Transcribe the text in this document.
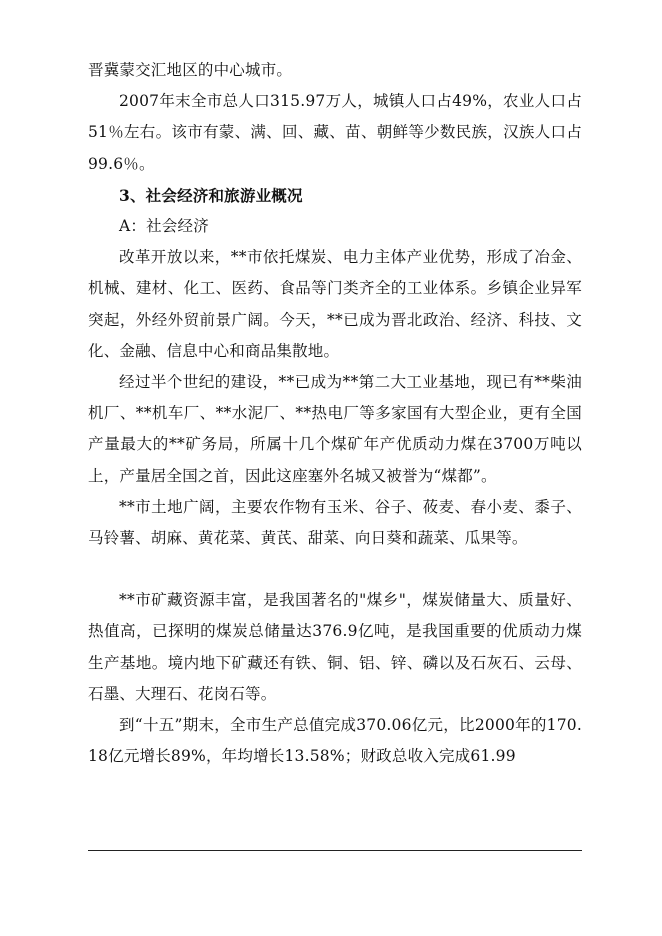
晋冀蒙交汇地区的中心城市。

2007年末全市总人口315.97万人，城镇人口占49%，农业人口占51％左右。该市有蒙、满、回、藏、苗、朝鲜等少数民族，汉族人口占99.6％。

3、社会经济和旅游业概况

A：社会经济

改革开放以来，**市依托煤炭、电力主体产业优势，形成了冶金、机械、建材、化工、医药、食品等门类齐全的工业体系。乡镇企业异军突起，外经外贸前景广阔。今天，**已成为晋北政治、经济、科技、文化、金融、信息中心和商品集散地。

经过半个世纪的建设，**已成为**第二大工业基地，现已有**柴油机厂、**机车厂、**水泥厂、**热电厂等多家国有大型企业，更有全国产量最大的**矿务局，所属十几个煤矿年产优质动力煤在3700万吨以上，产量居全国之首，因此这座塞外名城又被誉为“煤都”。

**市土地广阔，主要农作物有玉米、谷子、莜麦、春小麦、黍子、马铃薯、胡麻、黄花菜、黄芪、甜菜、向日葵和蔬菜、瓜果等。

**市矿藏资源丰富，是我国著名的"煤乡"，煤炭储量大、质量好、热值高，已探明的煤炭总储量达376.9亿吨，是我国重要的优质动力煤生产基地。境内地下矿藏还有铁、铜、铝、锌、磷以及石灰石、云母、石墨、大理石、花岗石等。

到“十五”期末，全市生产总值完成370.06亿元，比2000年的170.18亿元增长89%，年均增长13.58%；财政总收入完成61.99
